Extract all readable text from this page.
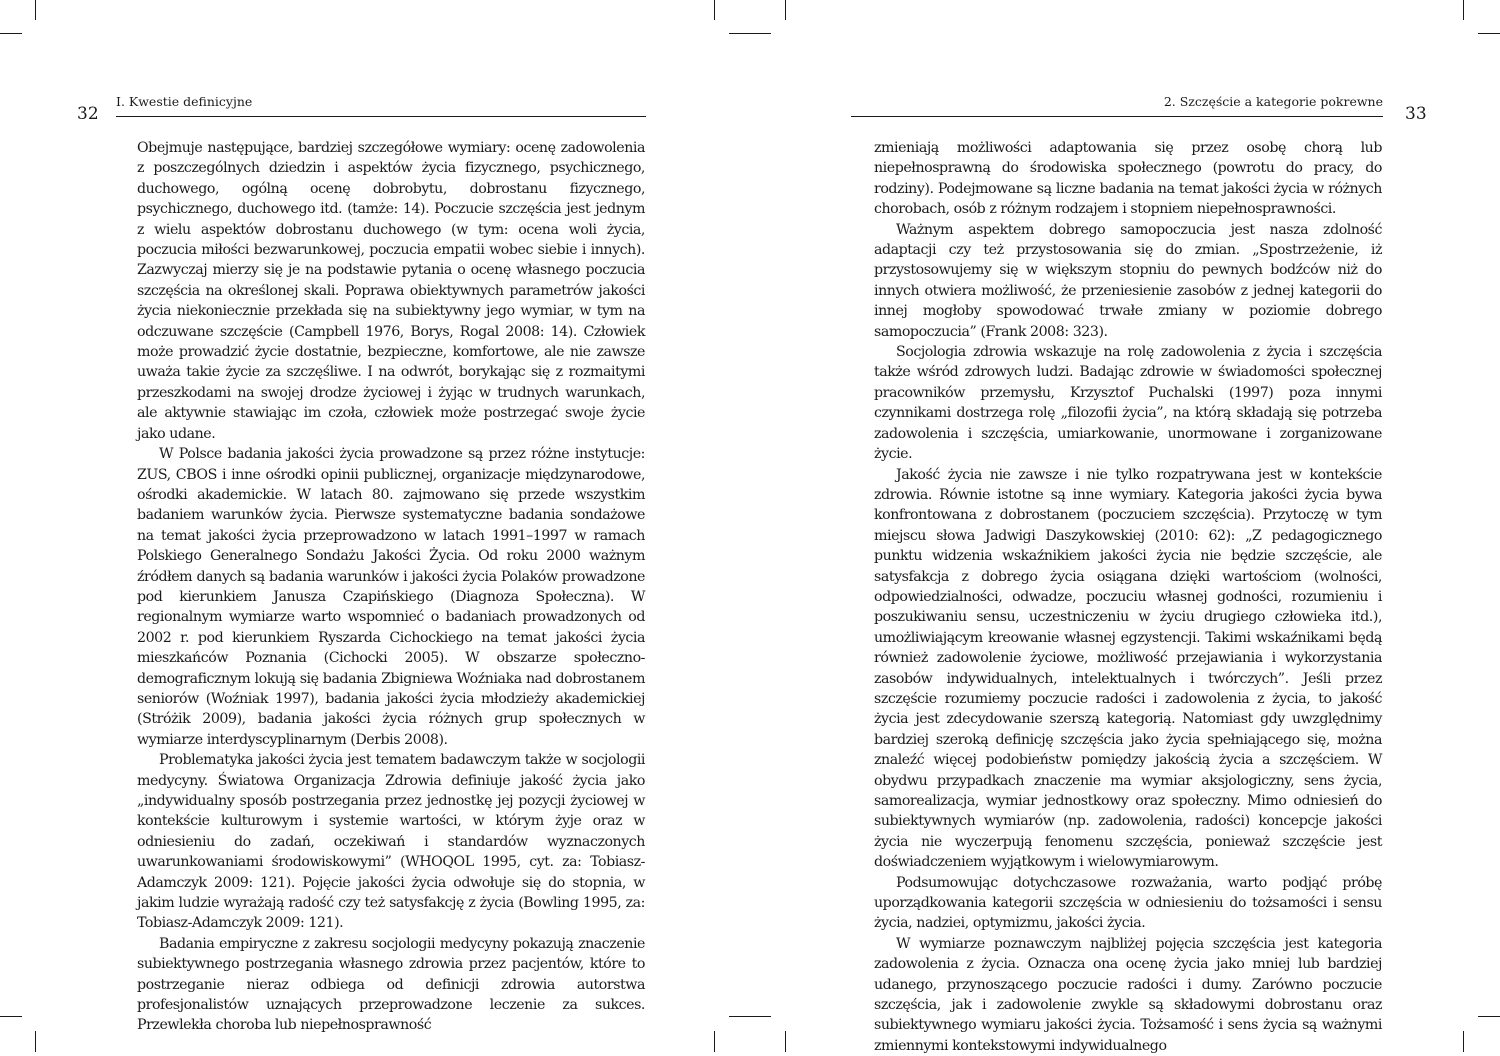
32
I. Kwestie definicyjne

Obejmuje następujące, bardziej szczegółowe wymiary: ocenę zadowolenia z poszczególnych dziedzin i aspektów życia fizycznego, psychicznego, duchowego, ogólną ocenę dobrobytu, dobrostanu fizycznego, psychicznego, duchowego itd. (tamże: 14). Poczucie szczęścia jest jednym z wielu aspektów dobrostanu duchowego (w tym: ocena woli życia, poczucia miłości bezwarunkowej, poczucia empatii wobec siebie i innych). Zazwyczaj mierzy się je na podstawie pytania o ocenę własnego poczucia szczęścia na określonej skali. Poprawa obiektywnych parametrów jakości życia niekoniecznie przekłada się na subiektywny jego wymiar, w tym na odczuwane szczęście (Campbell 1976, Borys, Rogal 2008: 14). Człowiek może prowadzić życie dostatnie, bezpieczne, komfortowe, ale nie zawsze uważa takie życie za szczęśliwe. I na odwrót, borykając się z rozmaitymi przeszkodami na swojej drodze życiowej i żyjąc w trudnych warunkach, ale aktywnie stawiając im czoła, człowiek może postrzegać swoje życie jako udane.

W Polsce badania jakości życia prowadzone są przez różne instytucje: ZUS, CBOS i inne ośrodki opinii publicznej, organizacje międzynarodowe, ośrodki akademickie. W latach 80. zajmowano się przede wszystkim badaniem warunków życia. Pierwsze systematyczne badania sondażowe na temat jakości życia przeprowadzono w latach 1991–1997 w ramach Polskiego Generalnego Sondażu Jakości Życia. Od roku 2000 ważnym źródłem danych są badania warunków i jakości życia Polaków prowadzone pod kierunkiem Janusza Czapińskiego (Diagnoza Społeczna). W regionalnym wymiarze warto wspomnieć o badaniach prowadzonych od 2002 r. pod kierunkiem Ryszarda Cichockiego na temat jakości życia mieszkańców Poznania (Cichocki 2005). W obszarze społeczno-demograficznym lokują się badania Zbigniewa Woźniaka nad dobrostanem seniorów (Woźniak 1997), badania jakości życia młodzieży akademickiej (Stróżik 2009), badania jakości życia różnych grup społecznych w wymiarze interdyscyplinarnym (Derbis 2008).

Problematyka jakości życia jest tematem badawczym także w socjologii medycyny. Światowa Organizacja Zdrowia definiuje jakość życia jako „indywidualny sposób postrzegania przez jednostkę jej pozycji życiowej w kontekście kulturowym i systemie wartości, w którym żyje oraz w odniesieniu do zadań, oczekiwań i standardów wyznaczonych uwarunkowaniami środowiskowymi” (WHOQOL 1995, cyt. za: Tobiasz-Adamczyk 2009: 121). Pojęcie jakości życia odwołuje się do stopnia, w jakim ludzie wyrażają radość czy też satysfakcję z życia (Bowling 1995, za: Tobiasz-Adamczyk 2009: 121).

Badania empiryczne z zakresu socjologii medycyny pokazują znaczenie subiektywnego postrzegania własnego zdrowia przez pacjentów, które to postrzeganie nieraz odbiega od definicji zdrowia autorstwa profesjonalistów uznających przeprowadzone leczenie za sukces. Przewlekła choroba lub niepełnosprawność

2. Szczęście a kategorie pokrewne
33

zmieniają możliwości adaptowania się przez osobę chorą lub niepełnosprawną do środowiska społecznego (powrotu do pracy, do rodziny). Podejmowane są liczne badania na temat jakości życia w różnych chorobach, osób z różnym rodzajem i stopniem niepełnosprawności.

Ważnym aspektem dobrego samopoczucia jest nasza zdolność adaptacji czy też przystosowania się do zmian. „Spostrzeżenie, iż przystosowujemy się w większym stopniu do pewnych bodźców niż do innych otwiera możliwość, że przeniesienie zasobów z jednej kategorii do innej mogłoby spowodować trwałe zmiany w poziomie dobrego samopoczucia” (Frank 2008: 323).

Socjologia zdrowia wskazuje na rolę zadowolenia z życia i szczęścia także wśród zdrowych ludzi. Badając zdrowie w świadomości społecznej pracowników przemysłu, Krzysztof Puchalski (1997) poza innymi czynnikami dostrzega rolę „filozofii życia”, na którą składają się potrzeba zadowolenia i szczęścia, umiarkowanie, unormowane i zorganizowane życie.

Jakość życia nie zawsze i nie tylko rozpatrywana jest w kontekście zdrowia. Równie istotne są inne wymiary. Kategoria jakości życia bywa konfrontowana z dobrostanem (poczuciem szczęścia). Przytoczę w tym miejscu słowa Jadwigi Daszykowskiej (2010: 62): „Z pedagogicznego punktu widzenia wskaźnikiem jakości życia nie będzie szczęście, ale satysfakcja z dobrego życia osiągana dzięki wartościom (wolności, odpowiedzialności, odwadze, poczuciu własnej godności, rozumieniu i poszukiwaniu sensu, uczestniczeniu w życiu drugiego człowieka itd.), umożliwiającym kreowanie własnej egzystencji. Takimi wskaźnikami będą również zadowolenie życiowe, możliwość przejawiania i wykorzystania zasobów indywidualnych, intelektualnych i twórczych”. Jeśli przez szczęście rozumiemy poczucie radości i zadowolenia z życia, to jakość życia jest zdecydowanie szerszą kategorią. Natomiast gdy uwzględnimy bardziej szeroką definicję szczęścia jako życia spełniającego się, można znaleźć więcej podobieństw pomiędzy jakością życia a szczęściem. W obydwu przypadkach znaczenie ma wymiar aksjologiczny, sens życia, samorealizacja, wymiar jednostkowy oraz społeczny. Mimo odniesień do subiektywnych wymiarów (np. zadowolenia, radości) koncepcje jakości życia nie wyczerpują fenomenu szczęścia, ponieważ szczęście jest doświadczeniem wyjątkowym i wielowymiarowym.

Podsumowując dotychczasowe rozważania, warto podjąć próbę uporządkowania kategorii szczęścia w odniesieniu do tożsamości i sensu życia, nadziei, optymizmu, jakości życia.

W wymiarze poznawczym najbliżej pojęcia szczęścia jest kategoria zadowolenia z życia. Oznacza ona ocenę życia jako mniej lub bardziej udanego, przynoszącego poczucie radości i dumy. Zarówno poczucie szczęścia, jak i zadowolenie zwykle są składowymi dobrostanu oraz subiektywnego wymiaru jakości życia. Tożsamość i sens życia są ważnymi zmiennymi kontekstowymi indywidualnego
